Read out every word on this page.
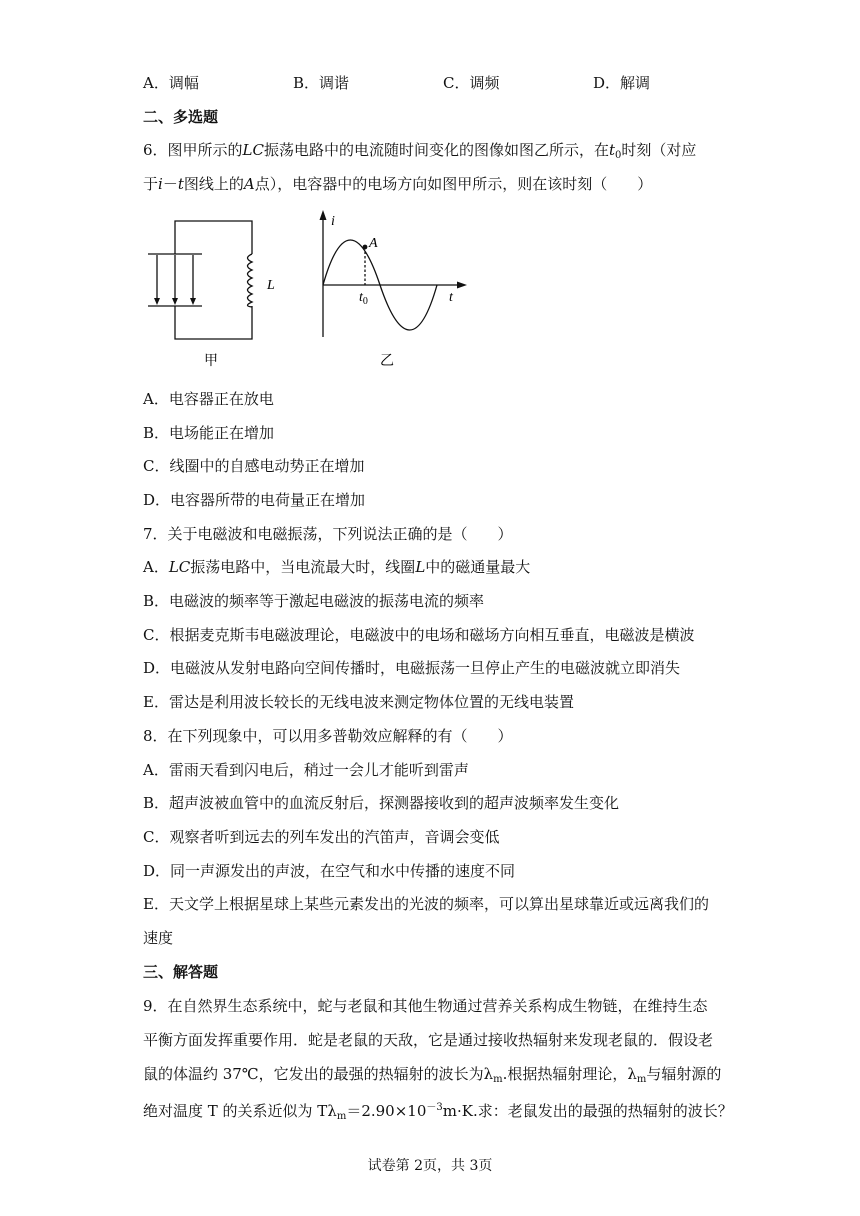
A．调幅	B．调谐	C．调频	D．解调
二、多选题
6．图甲所示的LC振荡电路中的电流随时间变化的图像如图乙所示，在$t_0$时刻（对应
于i－t图线上的A点），电容器中的电场方向如图甲所示，则在该时刻（　　）
L
甲
i
A
$t_0$	t
乙
A．电容器正在放电
B．电场能正在增加
C．线圈中的自感电动势正在增加
D．电容器所带的电荷量正在增加
7．关于电磁波和电磁振荡，下列说法正确的是（　　）
A．LC振荡电路中，当电流最大时，线圈L中的磁通量最大
B．电磁波的频率等于激起电磁波的振荡电流的频率
C．根据麦克斯韦电磁波理论，电磁波中的电场和磁场方向相互垂直，电磁波是横波
D．电磁波从发射电路向空间传播时，电磁振荡一旦停止产生的电磁波就立即消失
E．雷达是利用波长较长的无线电波来测定物体位置的无线电装置
8．在下列现象中，可以用多普勒效应解释的有（　　）
A．雷雨天看到闪电后，稍过一会儿才能听到雷声
B．超声波被血管中的血流反射后，探测器接收到的超声波频率发生变化
C．观察者听到远去的列车发出的汽笛声，音调会变低
D．同一声源发出的声波，在空气和水中传播的速度不同
E．天文学上根据星球上某些元素发出的光波的频率，可以算出星球靠近或远离我们的
速度
三、解答题
9．在自然界生态系统中，蛇与老鼠和其他生物通过营养关系构成生物链，在维持生态
平衡方面发挥重要作用．蛇是老鼠的天敌，它是通过接收热辐射来发现老鼠的．假设老
鼠的体温约 37℃，它发出的最强的热辐射的波长为$\lambda_m$.根据热辐射理论，$\lambda_m$与辐射源的
绝对温度 T 的关系近似为 $T\lambda_m=2.90\times 10^{-3}m\cdot K$.求：老鼠发出的最强的热辐射的波长？
试卷第 2页，共 3页
